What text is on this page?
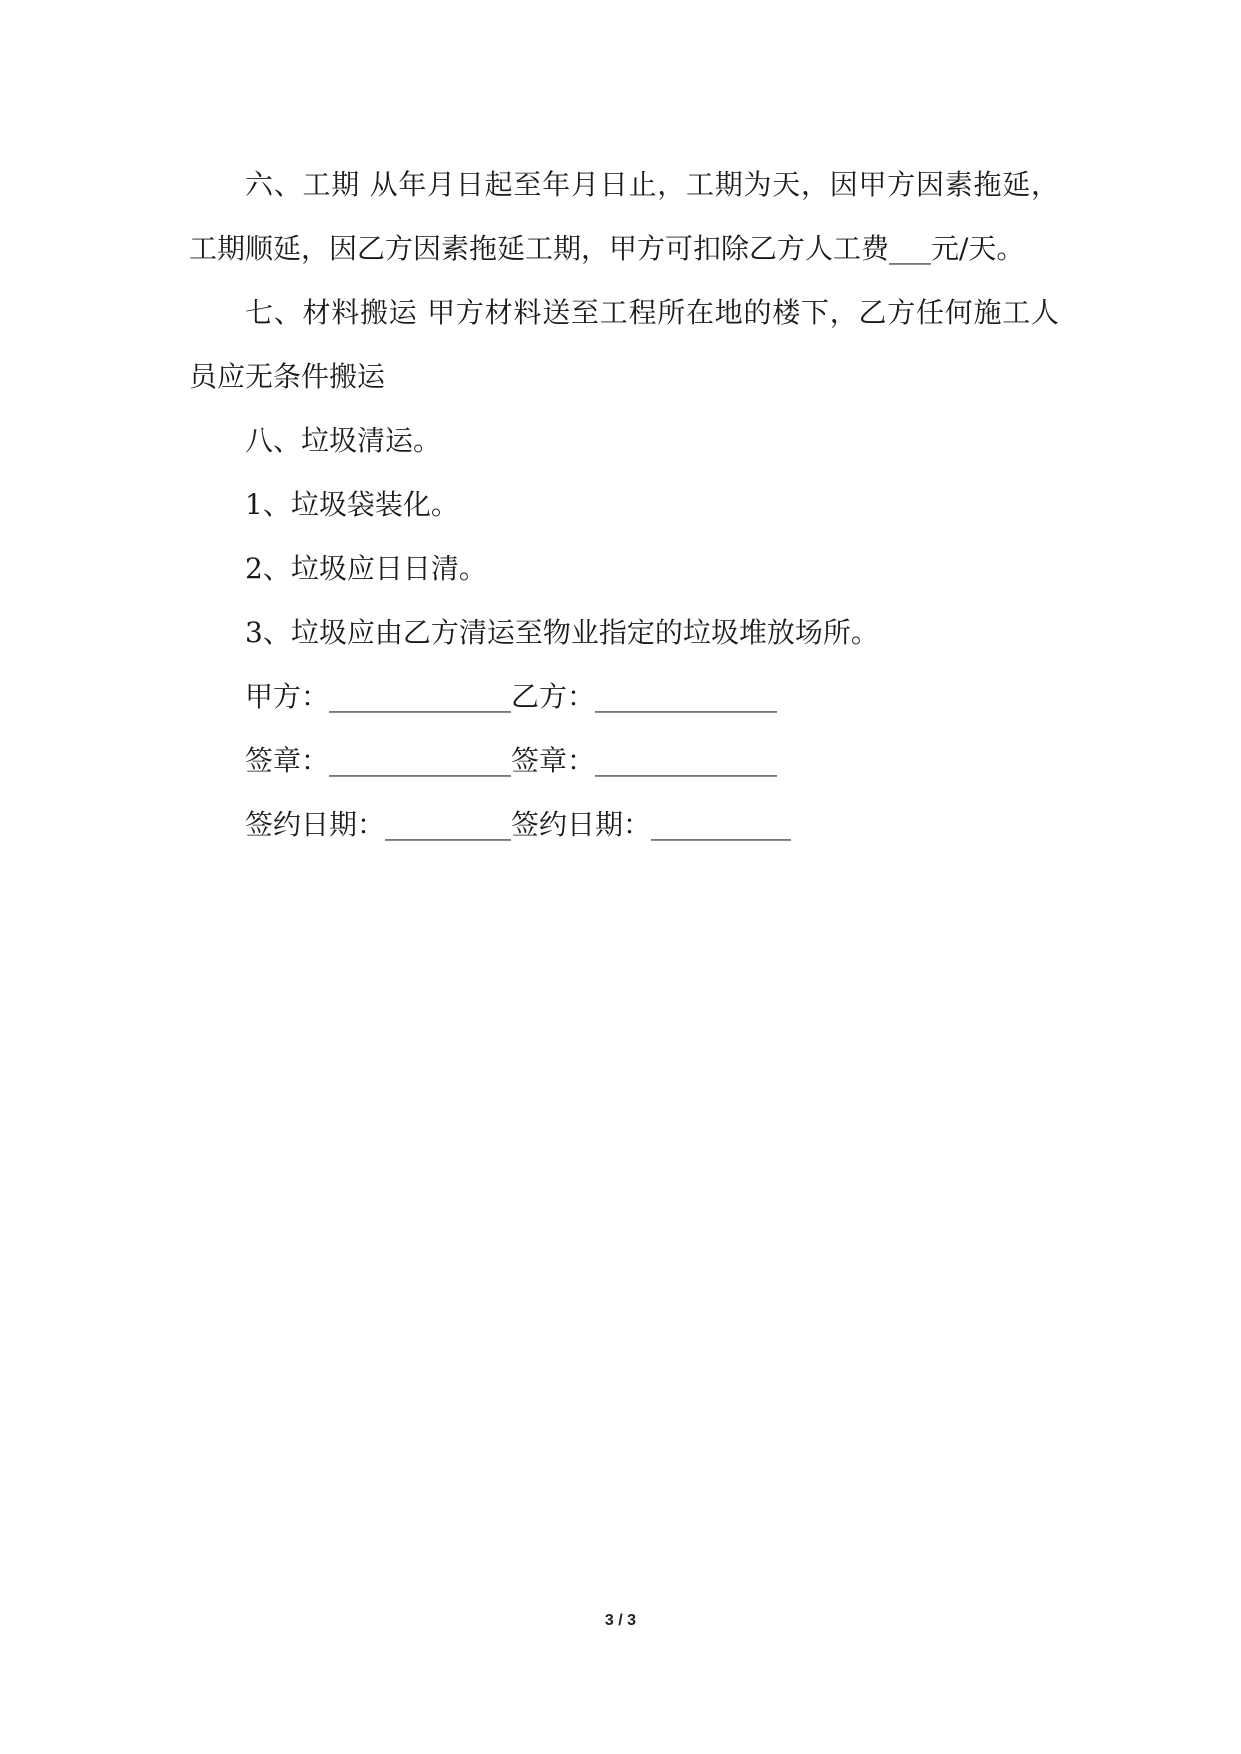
六、工期 从年月日起至年月日止，工期为天，因甲方因素拖延，工期顺延，因乙方因素拖延工期，甲方可扣除乙方人工费___元/天。

七、材料搬运 甲方材料送至工程所在地的楼下，乙方任何施工人员应无条件搬运

八、垃圾清运。

1、垃圾袋装化。

2、垃圾应日日清。

3、垃圾应由乙方清运至物业指定的垃圾堆放场所。

甲方：_____________乙方：_____________

签章：_____________签章：_____________

签约日期：_________签约日期：__________

3 / 3
